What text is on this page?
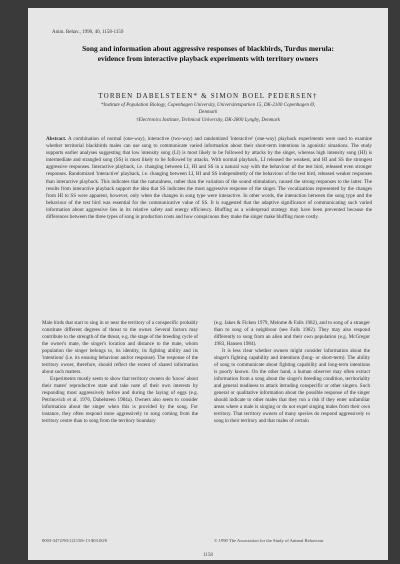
Anim. Behav., 1990, 40, 1158-1159
Song and information about aggressive responses of blackbirds, Turdus merula:
evidence from interactive playback experiments with territory owners
TORBEN DABELSTEEN* & SIMON BOEL PEDERSEN†
*Institute of Population Biology, Copenhagen University, Universitetsparken 15, DK-2100 Copenhagen Ø,
Denmark
†Electronics Institute, Technical University, DK-2800 Lyngby, Denmark

Abstract. A combination of normal (one-way), interactive (two-way) and randomized 'interactive' (one-way) playback experiments were used to examine whether territorial blackbirds males can use song to communicate varied information about their short-term intentions in agonistic situations. The study supports earlier analyses suggesting that low intensity song (LI) is most likely to be followed by attacks by the singer, whereas high intensity song (HI) is intermediate and strangled song (SS) is most likely to be followed by attacks. With normal playback, LI released the weakest, and HI and SS the strongest aggressive responses. Interactive playback, i.e. changing between LI, HI and SS in a natural way with the behaviour of the test bird, released even stronger responses. Randomized 'interactive' playback, i.e. changing between LI, HI and SS independently of the behaviour of the test bird, released weaker responses than interactive playback. This indicates that the naturalness, rather than the variation of the sound stimulation, caused the strong responses to the latter. The results from interactive playback support the idea that SS indicates the most aggressive response of the singer. The vocalizations represented by the changes from HI to SS were apparent, however, only when the changes in song type were interactive. In other words, the interaction between the song type and the behaviour of the test bird was essential for the communicative value of SS. It is suggested that the adaptive significance of communicating such varied information about aggressive lies in its relative safety and energy efficiency. Bluffing as a widespread strategy may have been prevented because the differences between the three types of song in production costs and how conspicuous they make the singer make bluffing more costly.

Male birds that start to sing in or near the territory of a conspecific probably constitute different degrees of threat to the owner. Several factors may contribute to the strength of the threat, e.g. the stage of the breeding cycle of the owner's mate, the singer's location and distance to the mate, whom population the singer belongs to, its identity, its fighting ability and its 'intentions' (i.e. its ensuing behaviour and/or response). The response of the territory owner, therefore, should reflect the extent of shared information about such matters.

Experiments mostly seem to show that territory owners do 'know' about their mates' reproductive state and take note of their own interests by responding most aggressively before and during the laying of eggs (e.g. Petrinovich et al. 1976, Dabelsteen 1984a). Owners also seem to consider information about the singer when this is provided by the song. For instance, they often respond more aggressively to song coming from the territory centre than to song from the territory boundary

(e.g. Jakes & Ficken 1979, Meinme & Falls 1982), and to song of a stranger than to song of a neighbour (see Falls 1982). They may also respond differently to song from an alien and their own population (e.g. McGregor 1983, Hansen 1984).

It is less clear whether owners might consider information about the singer's fighting capability and intentions (long- or short-term). The ability of song to communicate about fighting capability and long-term intentions is poorly known. On the other hand, a human observer may often extract information from a song about the singer's breeding condition, territoriality and general readiness to attack intruding conspecific or other singers. Such general or qualitative information about the possible response of the singer should indicate to other males that they run a risk if they enter unfamiliar areas where a male is singing or do not expel singing males from their own territory. That territory owners of many species do respond aggressively to song in their territory and that males of certain

0003-3472/90/121158+13 $03.00/0	© 1990 The Association for the Study of Animal Behaviour
1158
